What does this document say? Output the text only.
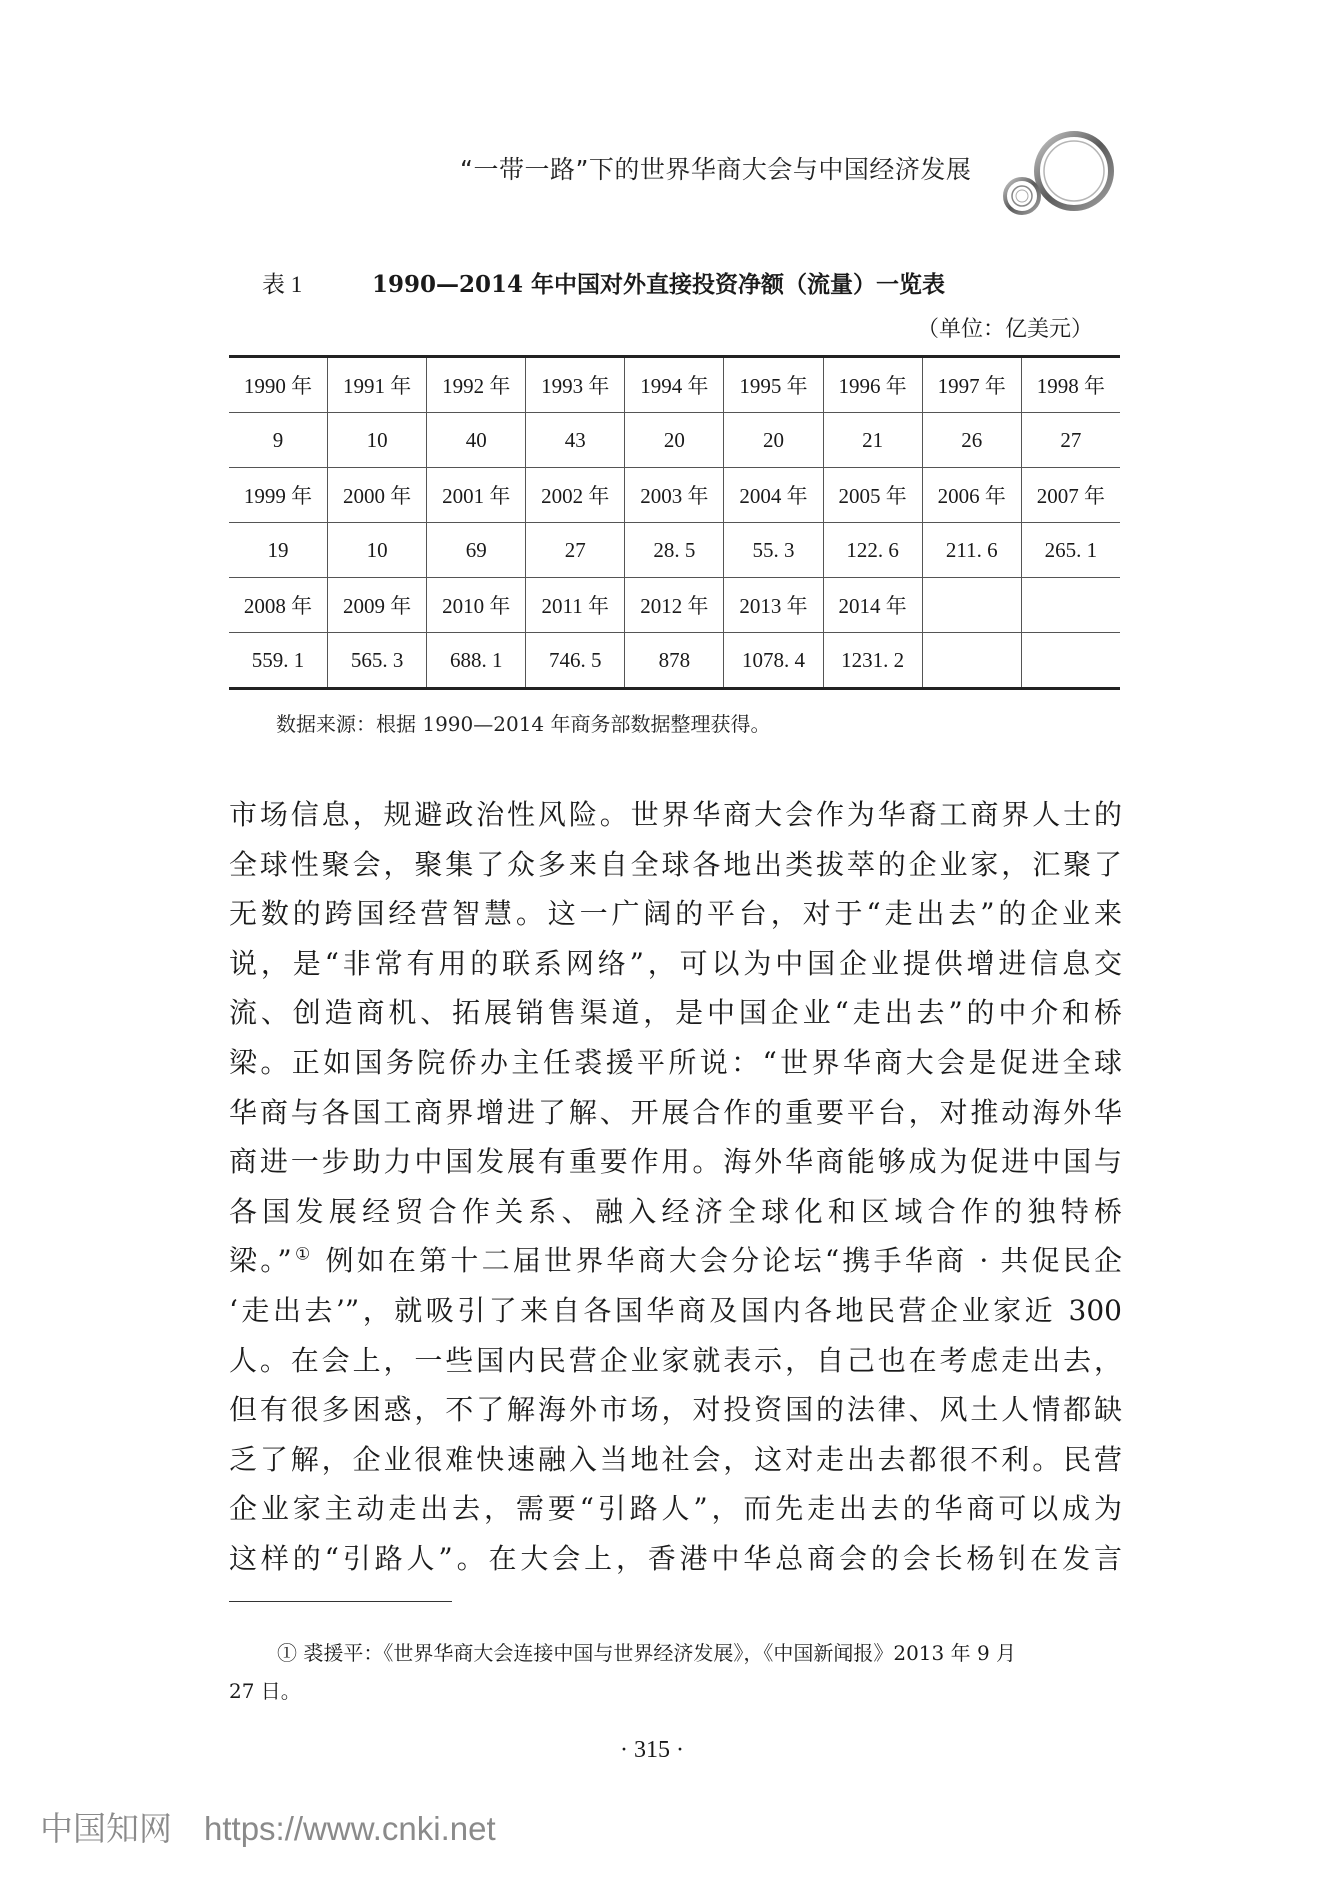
“一带一路”下的世界华商大会与中国经济发展
表 1	1990—2014 年中国对外直接投资净额（流量）一览表
（单位：亿美元）
1990 年	1991 年	1992 年	1993 年	1994 年	1995 年	1996 年	1997 年	1998 年
9	10	40	43	20	20	21	26	27
1999 年	2000 年	2001 年	2002 年	2003 年	2004 年	2005 年	2006 年	2007 年
19	10	69	27	28. 5	55. 3	122. 6	211. 6	265. 1
2008 年	2009 年	2010 年	2011 年	2012 年	2013 年	2014 年		
559. 1	565. 3	688. 1	746. 5	878	1078. 4	1231. 2		
数据来源：根据 1990—2014 年商务部数据整理获得。
市场信息，规避政治性风险。世界华商大会作为华裔工商界人士的
全球性聚会，聚集了众多来自全球各地出类拔萃的企业家，汇聚了
无数的跨国经营智慧。这一广阔的平台，对于“走出去”的企业来
说，是“非常有用的联系网络”，可以为中国企业提供增进信息交
流、创造商机、拓展销售渠道，是中国企业“走出去”的中介和桥
梁。正如国务院侨办主任裘援平所说：“世界华商大会是促进全球
华商与各国工商界增进了解、开展合作的重要平台，对推动海外华
商进一步助力中国发展有重要作用。海外华商能够成为促进中国与
各国发展经贸合作关系、融入经济全球化和区域合作的独特桥
梁。”① 例如在第十二届世界华商大会分论坛“携手华商 · 共促民企
‘走出去’”，就吸引了来自各国华商及国内各地民营企业家近 300
人。在会上，一些国内民营企业家就表示，自己也在考虑走出去，
但有很多困惑，不了解海外市场，对投资国的法律、风土人情都缺
乏了解，企业很难快速融入当地社会，这对走出去都很不利。民营
企业家主动走出去，需要“引路人”，而先走出去的华商可以成为
这样的“引路人”。在大会上，香港中华总商会的会长杨钊在发言
① 裘援平：《世界华商大会连接中国与世界经济发展》，《中国新闻报》2013 年 9 月
27 日。
· 315 ·
中国知网 https://www.cnki.net
